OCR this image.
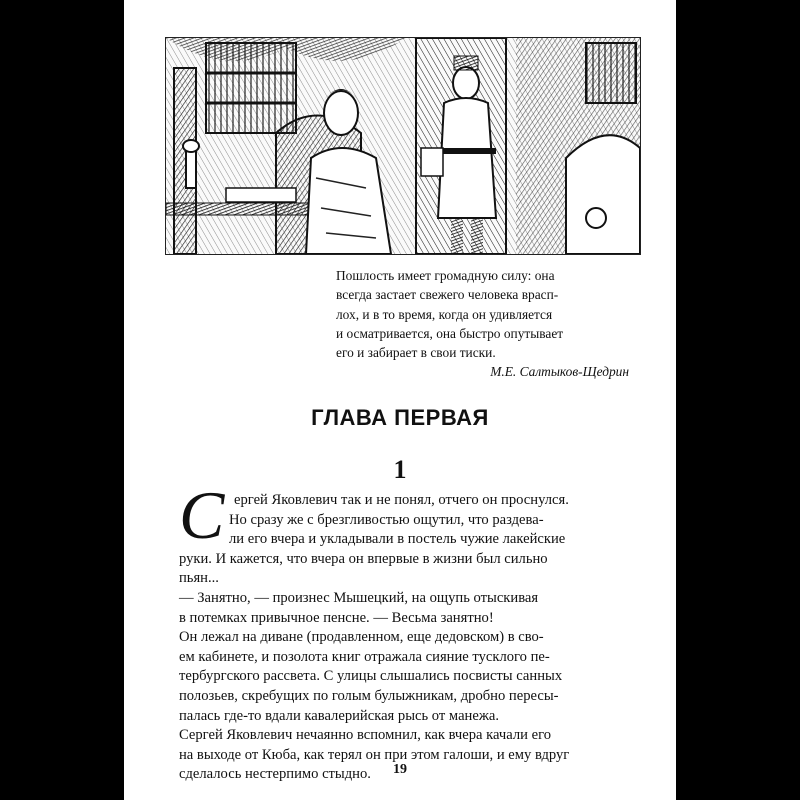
Пошлость имеет громадную силу: она
всегда застает свежего человека врасп-
лох, и в то время, когда он удивляется
и осматривается, она быстро опутывает
его и забирает в свои тиски.
М.Е. Салтыков-Щедрин
ГЛАВА ПЕРВАЯ
1
С ергей Яковлевич так и не понял, отчего он проснулся.
Но сразу же с брезгливостью ощутил, что раздева-
ли его вчера и укладывали в постель чужие лакейские
руки. И кажется, что вчера он впервые в жизни был сильно
пьян...
— Занятно, — произнес Мышецкий, на ощупь отыскивая
в потемках привычное пенсне. — Весьма занятно!
Он лежал на диване (продавленном, еще дедовском) в сво-
ем кабинете, и позолота книг отражала сияние тусклого пе-
тербургского рассвета. С улицы слышались посвисты санных
полозьев, скребущих по голым булыжникам, дробно пересы-
палась где-то вдали кавалерийская рысь от манежа.
Сергей Яковлевич нечаянно вспомнил, как вчера качали его
на выходе от Кюба, как терял он при этом галоши, и ему вдруг
сделалось нестерпимо стыдно.	19
